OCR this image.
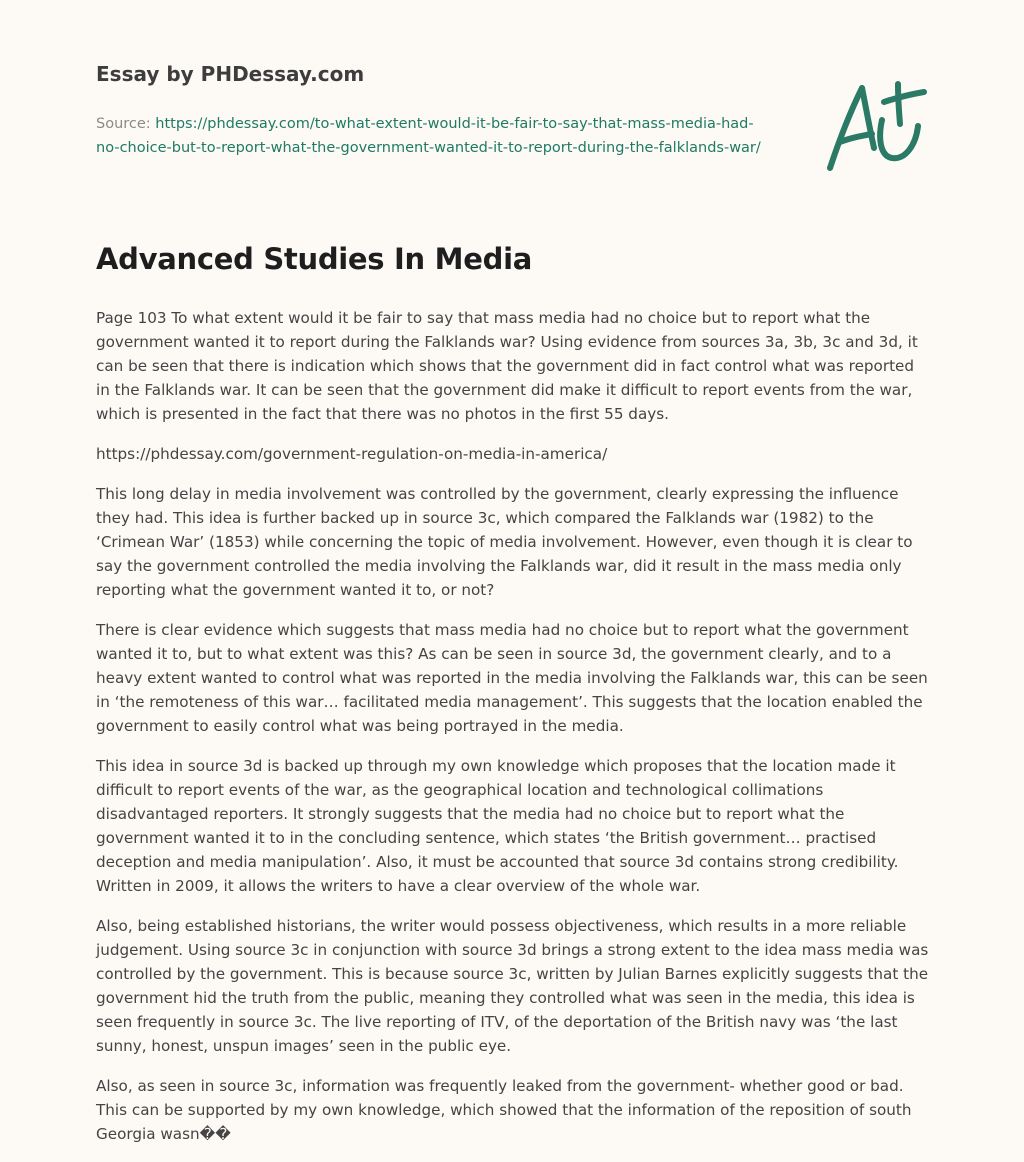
Essay by PHDessay.com

Source: https://phdessay.com/to-what-extent-would-it-be-fair-to-say-that-mass-media-had-no-choice-but-to-report-what-the-government-wanted-it-to-report-during-the-falklands-war/

Advanced Studies In Media

Page 103 To what extent would it be fair to say that mass media had no choice but to report what the government wanted it to report during the Falklands war? Using evidence from sources 3a, 3b, 3c and 3d, it can be seen that there is indication which shows that the government did in fact control what was reported in the Falklands war. It can be seen that the government did make it difficult to report events from the war, which is presented in the fact that there was no photos in the first 55 days.

https://phdessay.com/government-regulation-on-media-in-america/

This long delay in media involvement was controlled by the government, clearly expressing the influence they had. This idea is further backed up in source 3c, which compared the Falklands war (1982) to the ‘Crimean War’ (1853) while concerning the topic of media involvement. However, even though it is clear to say the government controlled the media involving the Falklands war, did it result in the mass media only reporting what the government wanted it to, or not?

There is clear evidence which suggests that mass media had no choice but to report what the government wanted it to, but to what extent was this? As can be seen in source 3d, the government clearly, and to a heavy extent wanted to control what was reported in the media involving the Falklands war, this can be seen in ‘the remoteness of this war… facilitated media management’. This suggests that the location enabled the government to easily control what was being portrayed in the media.

This idea in source 3d is backed up through my own knowledge which proposes that the location made it difficult to report events of the war, as the geographical location and technological collimations disadvantaged reporters. It strongly suggests that the media had no choice but to report what the government wanted it to in the concluding sentence, which states ‘the British government… practised deception and media manipulation’. Also, it must be accounted that source 3d contains strong credibility. Written in 2009, it allows the writers to have a clear overview of the whole war.

Also, being established historians, the writer would possess objectiveness, which results in a more reliable judgement. Using source 3c in conjunction with source 3d brings a strong extent to the idea mass media was controlled by the government. This is because source 3c, written by Julian Barnes explicitly suggests that the government hid the truth from the public, meaning they controlled what was seen in the media, this idea is seen frequently in source 3c. The live reporting of ITV, of the deportation of the British navy was ‘the last sunny, honest, unspun images’ seen in the public eye.

Also, as seen in source 3c, information was frequently leaked from the government- whether good or bad. This can be supported by my own knowledge, which showed that the information of the reposition of south Georgia wasn��
